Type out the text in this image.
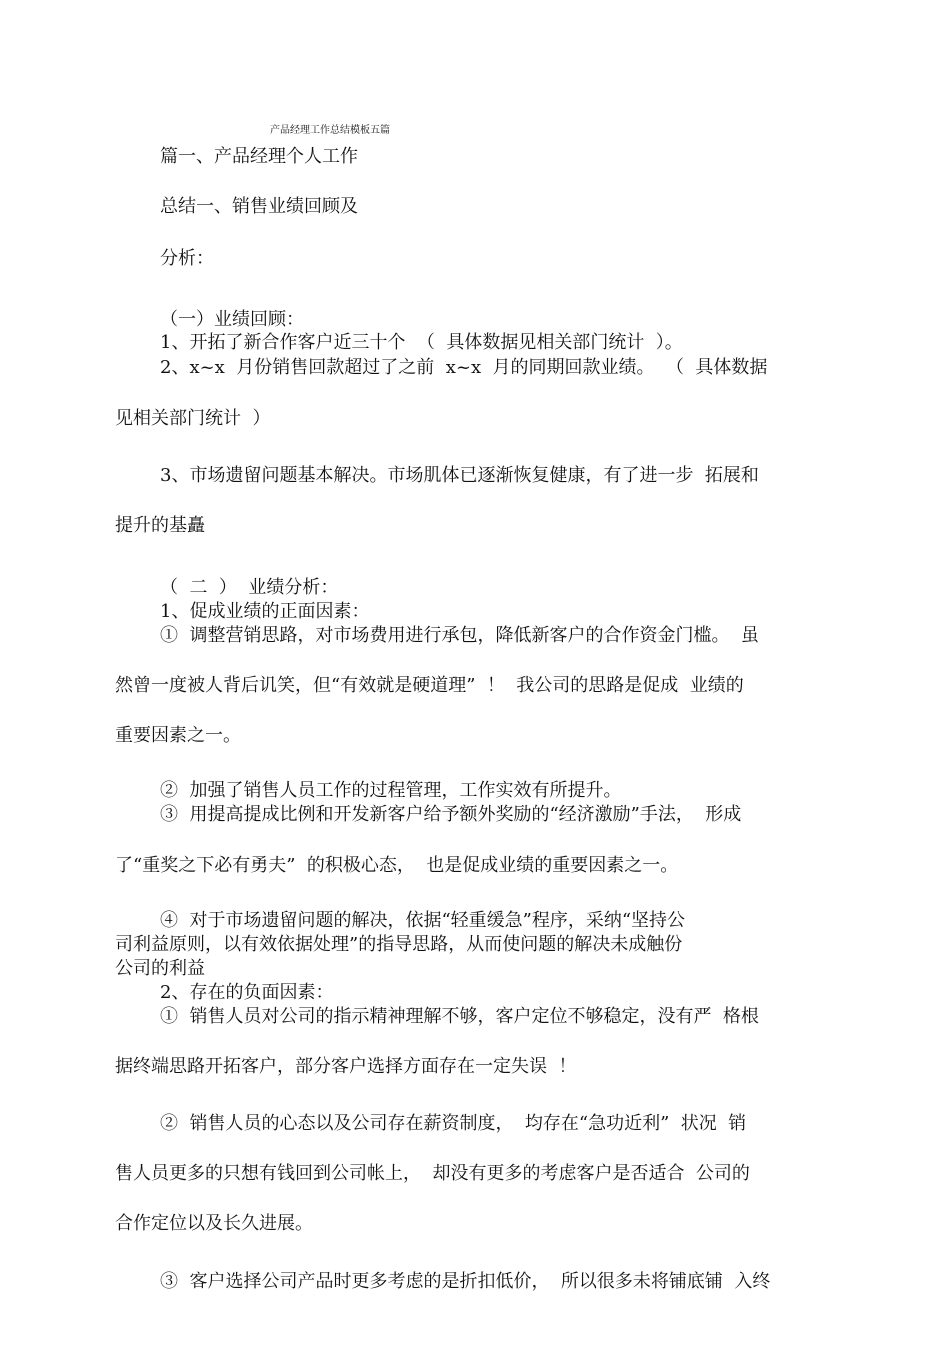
产品经理工作总结模板五篇

篇一、产品经理个人工作

总结一、销售业绩回顾及

分析：

（一）业绩回顾：

1、开拓了新合作客户近三十个  （  具体数据见相关部门统计  ）。

2、x~x  月份销售回款超过了之前  x~x  月的同期回款业绩。  （  具体数据

见相关部门统计  ）

3、市场遗留问题基本解决。市场肌体已逐渐恢复健康，有了进一步  拓展和

提升的基矗

（  二  ）  业绩分析：

1、促成业绩的正面因素：

①  调整营销思路，对市场费用进行承包，降低新客户的合作资金门槛。  虽

然曾一度被人背后讥笑，但“有效就是硬道理”  ！  我公司的思路是促成  业绩的

重要因素之一。

②  加强了销售人员工作的过程管理，工作实效有所提升。

③  用提高提成比例和开发新客户给予额外奖励的“经济激励”手法，  形成

了“重奖之下必有勇夫”  的积极心态，  也是促成业绩的重要因素之一。

④  对于市场遗留问题的解决，依据“轻重缓急”程序，采纳“坚持公

司利益原则，以有效依据处理”的指导思路，从而使问题的解决未成触份

公司的利益

2、存在的负面因素：

①  销售人员对公司的指示精神理解不够，客户定位不够稳定，没有严  格根

据终端思路开拓客户，部分客户选择方面存在一定失误  ！

②  销售人员的心态以及公司存在薪资制度，  均存在“急功近利”  状况  销

售人员更多的只想有钱回到公司帐上，  却没有更多的考虑客户是否适合  公司的

合作定位以及长久进展。

③  客户选择公司产品时更多考虑的是折扣低价，  所以很多未将铺底铺  入终
